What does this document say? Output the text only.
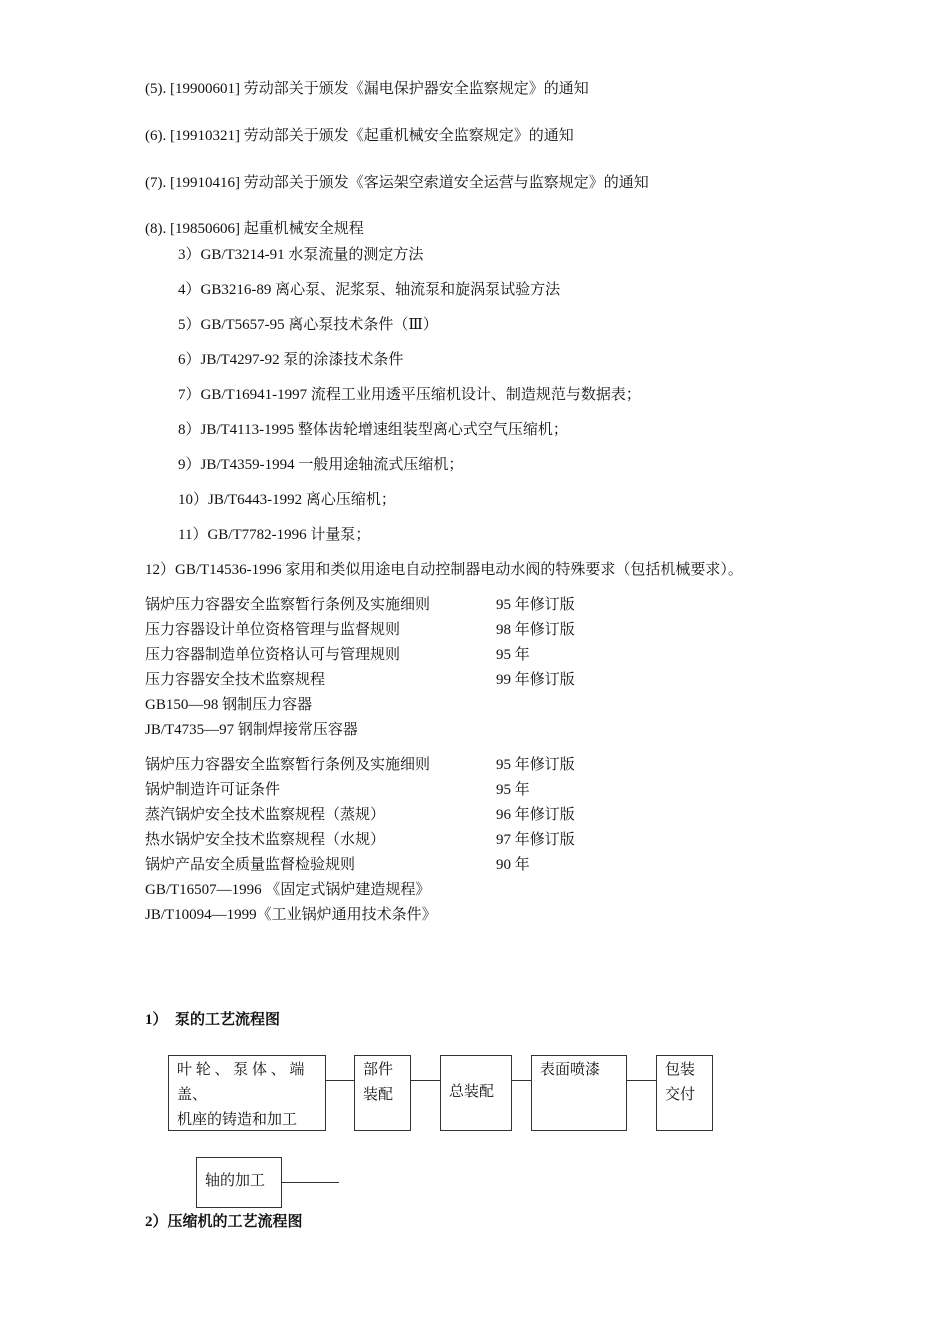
(5). [19900601] 劳动部关于颁发《漏电保护器安全监察规定》的通知
(6). [19910321] 劳动部关于颁发《起重机械安全监察规定》的通知
(7). [19910416] 劳动部关于颁发《客运架空索道安全运营与监察规定》的通知
(8). [19850606] 起重机械安全规程
3）GB/T3214-91 水泵流量的测定方法
4）GB3216-89 离心泵、泥浆泵、轴流泵和旋涡泵试验方法
5）GB/T5657-95 离心泵技术条件（Ⅲ）
6）JB/T4297-92 泵的涂漆技术条件
7）GB/T16941-1997 流程工业用透平压缩机设计、制造规范与数据表；
8）JB/T4113-1995 整体齿轮增速组装型离心式空气压缩机；
9）JB/T4359-1994 一般用途轴流式压缩机；
10）JB/T6443-1992 离心压缩机；
11）GB/T7782-1996 计量泵；
12）GB/T14536-1996 家用和类似用途电自动控制器电动水阀的特殊要求（包括机械要求）。
锅炉压力容器安全监察暂行条例及实施细则	95 年修订版
压力容器设计单位资格管理与监督规则	98 年修订版
压力容器制造单位资格认可与管理规则	95 年
压力容器安全技术监察规程	99 年修订版
GB150—98 钢制压力容器
JB/T4735—97 钢制焊接常压容器
锅炉压力容器安全监察暂行条例及实施细则	95 年修订版
锅炉制造许可证条件	95 年
蒸汽锅炉安全技术监察规程（蒸规）	96 年修订版
热水锅炉安全技术监察规程（水规）	97 年修订版
锅炉产品安全质量监督检验规则	90 年
GB/T16507—1996 《固定式锅炉建造规程》
JB/T10094—1999《工业锅炉通用技术条件》
1）　泵的工艺流程图
叶 轮 、 泵 体 、 端
盖、
机座的铸造和加工
部件
装配	总装配
表面喷漆	包装
交付
轴的加工
2）压缩机的工艺流程图
